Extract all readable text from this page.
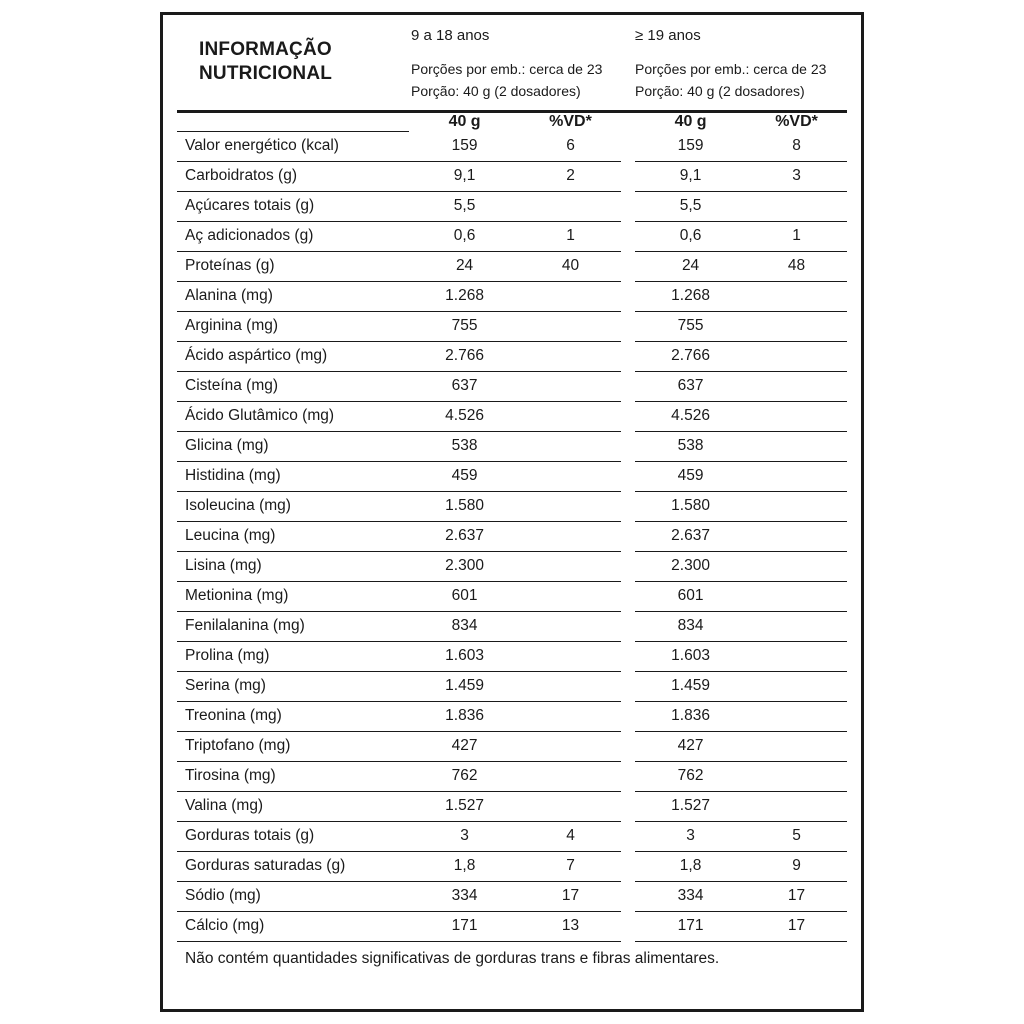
INFORMAÇÃO NUTRICIONAL
9 a 18 anos
Porções por emb.: cerca de 23
Porção: 40 g (2 dosadores)
≥ 19 anos
Porções por emb.: cerca de 23
Porção: 40 g (2 dosadores)
	40 g	%VD*		40 g	%VD*
Valor energético (kcal)	159	6		159	8
Carboidratos (g)	9,1	2		9,1	3
Açúcares totais (g)	5,5			5,5	
Aç adicionados (g)	0,6	1		0,6	1
Proteínas (g)	24	40		24	48
Alanina (mg)	1.268			1.268	
Arginina (mg)	755			755	
Ácido aspártico (mg)	2.766			2.766	
Cisteína (mg)	637			637	
Ácido Glutâmico (mg)	4.526			4.526	
Glicina (mg)	538			538	
Histidina (mg)	459			459	
Isoleucina (mg)	1.580			1.580	
Leucina (mg)	2.637			2.637	
Lisina (mg)	2.300			2.300	
Metionina (mg)	601			601	
Fenilalanina (mg)	834			834	
Prolina (mg)	1.603			1.603	
Serina (mg)	1.459			1.459	
Treonina (mg)	1.836			1.836	
Triptofano (mg)	427			427	
Tirosina (mg)	762			762	
Valina (mg)	1.527			1.527	
Gorduras totais (g)	3	4		3	5
Gorduras saturadas (g)	1,8	7		1,8	9
Sódio (mg)	334	17		334	17
Cálcio (mg)	171	13		171	17
Não contém quantidades significativas de gorduras trans e fibras alimentares.
